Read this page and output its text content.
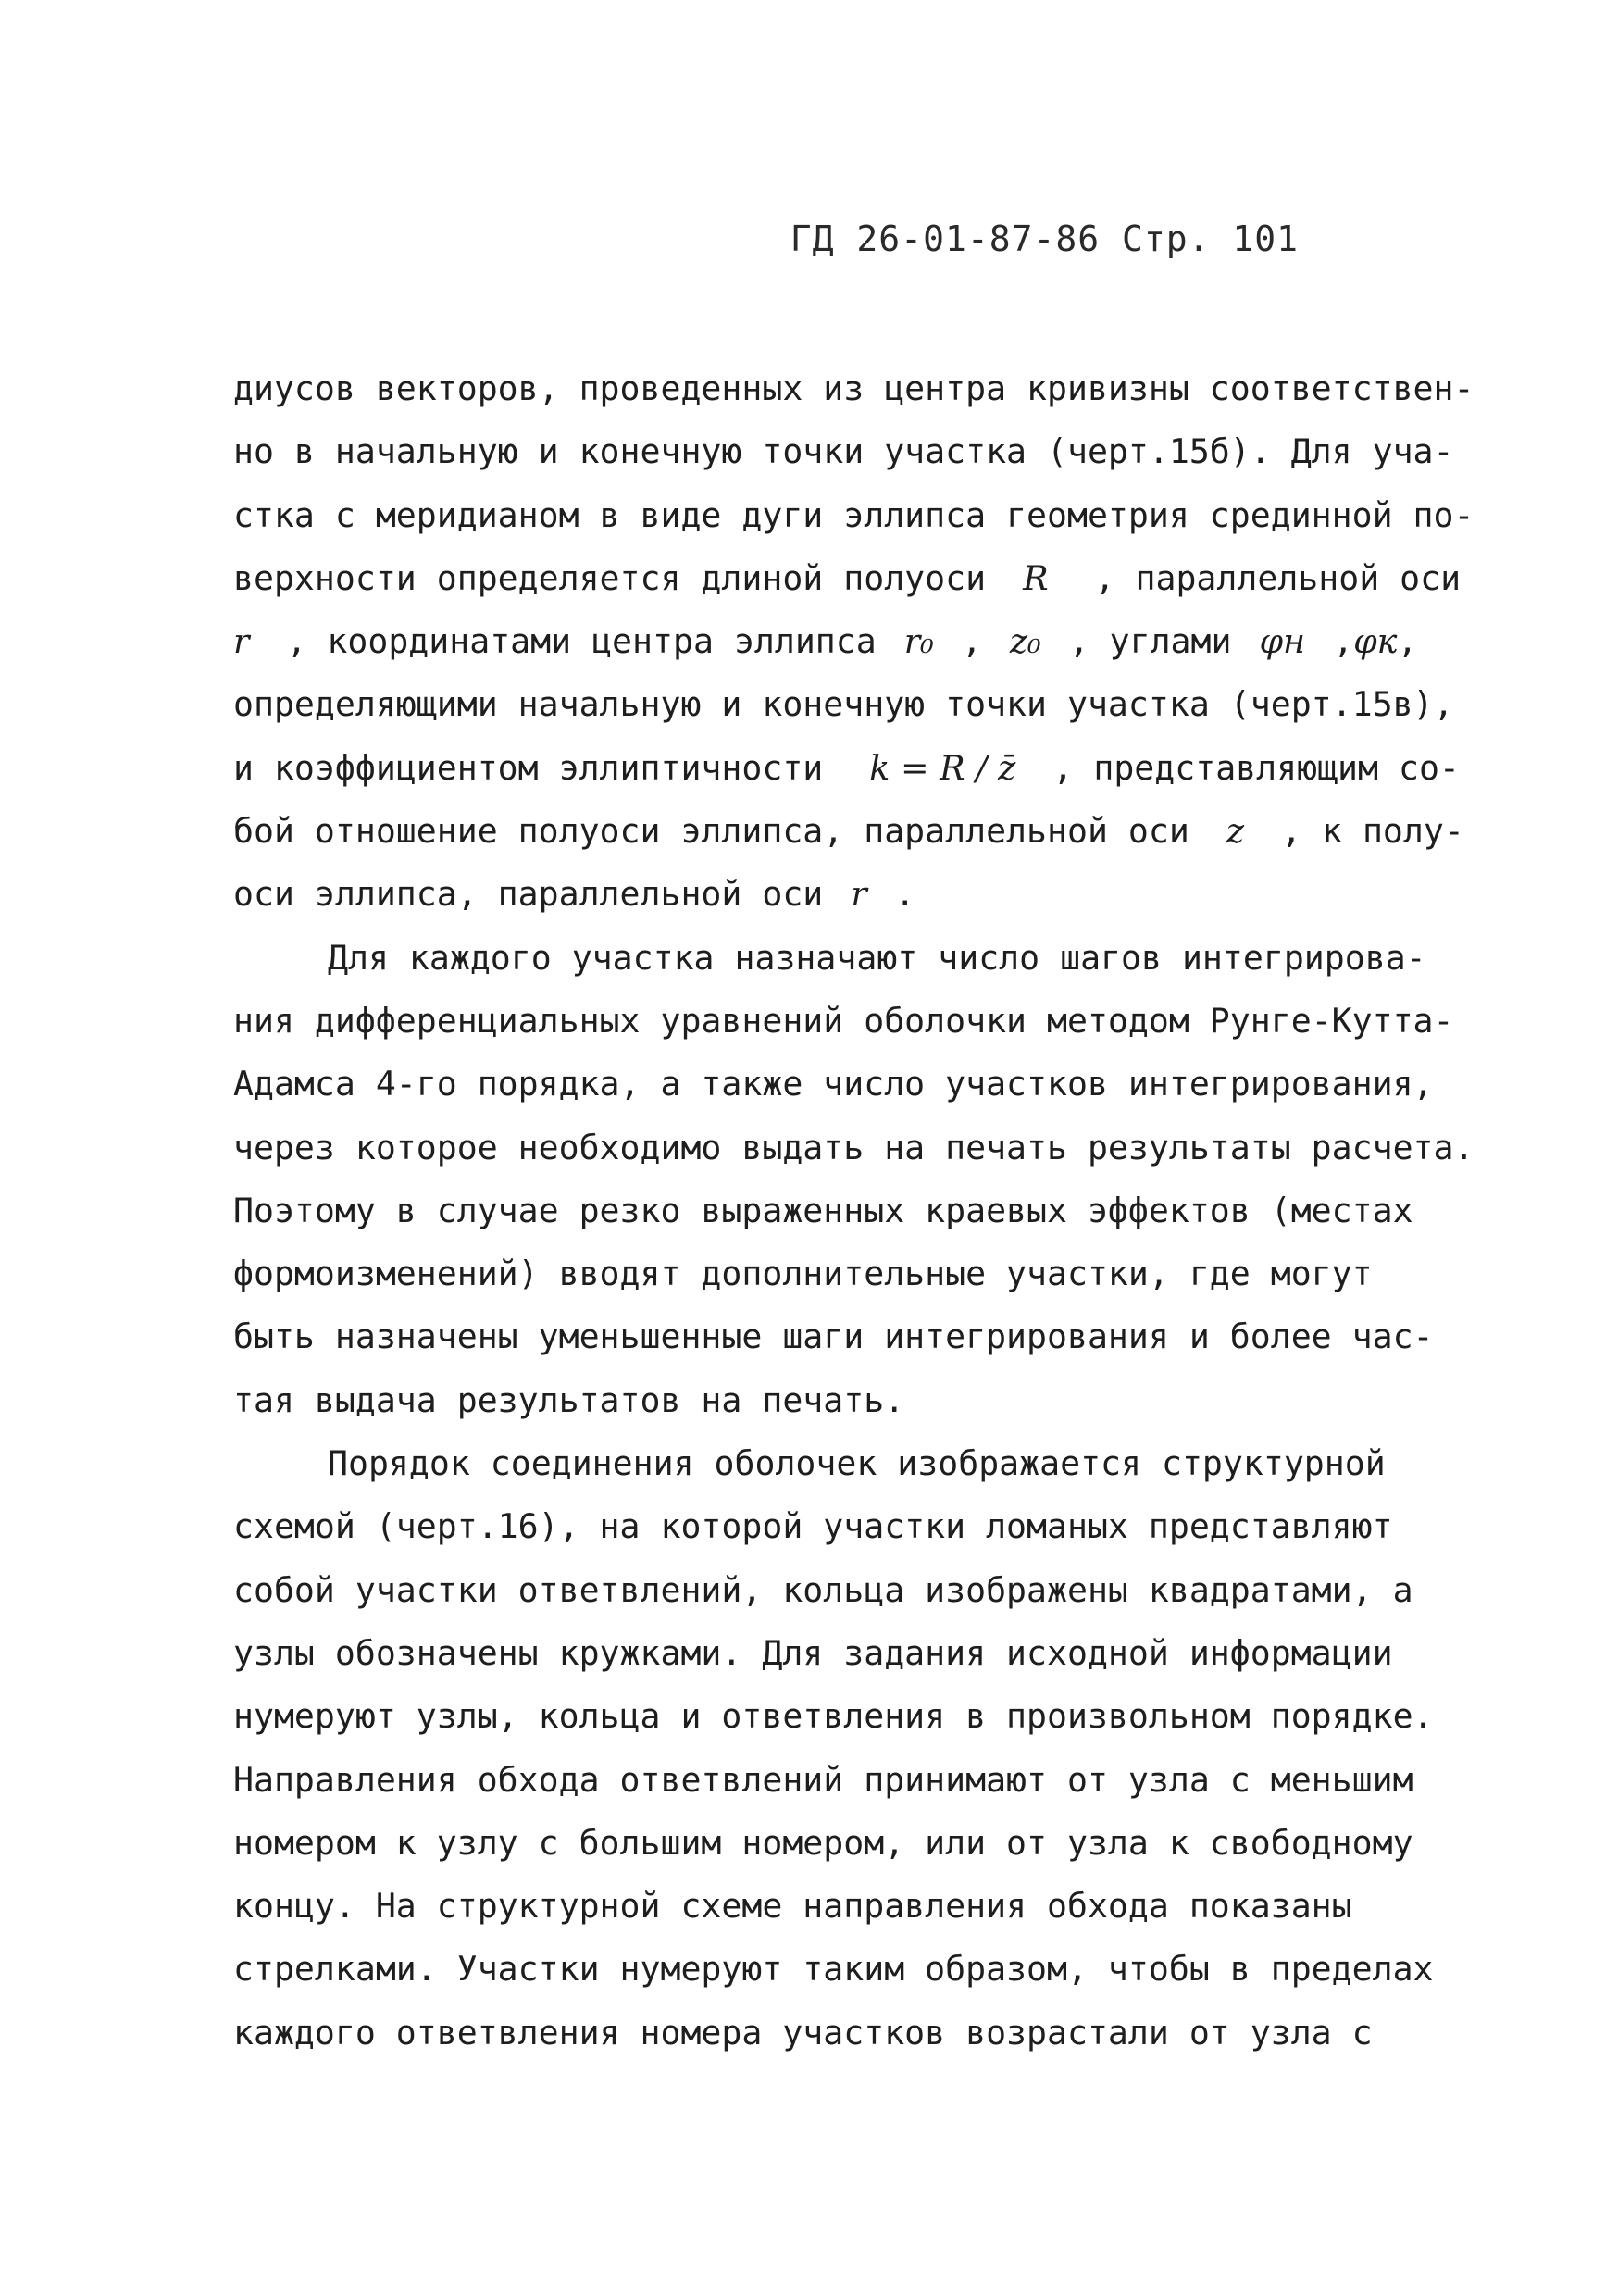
ГД 26-01-87-86 Стр. 101
диусов векторов, проведенных из центра кривизны соответствен-
но в начальную и конечную точки участка (черт.15б). Для уча-
стка с меридианом в виде дуги эллипса геометрия срединной по-
верхности определяется длиной полуоси R , параллельной оси
r , координатами центра эллипса r₀ , z₀ , углами φн ,φк,
определяющими начальную и конечную точки участка (черт.15в),
и коэффициентом эллиптичности k = R / z̄ , представляющим со-
бой отношение полуоси эллипса, параллельной оси z , к полу-
оси эллипса, параллельной оси r .
Для каждого участка назначают число шагов интегрирова-
ния дифференциальных уравнений оболочки методом Рунге-Кутта-
Адамса 4-го порядка, а также число участков интегрирования,
через которое необходимо выдать на печать результаты расчета.
Поэтому в случае резко выраженных краевых эффектов (местах
формоизменений) вводят дополнительные участки, где могут
быть назначены уменьшенные шаги интегрирования и более час-
тая выдача результатов на печать.
Порядок соединения оболочек изображается структурной
схемой (черт.16), на которой участки ломаных представляют
собой участки ответвлений, кольца изображены квадратами, а
узлы обозначены кружками. Для задания исходной информации
нумеруют узлы, кольца и ответвления в произвольном порядке.
Направления обхода ответвлений принимают от узла с меньшим
номером к узлу с большим номером, или от узла к свободному
концу. На структурной схеме направления обхода показаны
стрелками. Участки нумеруют таким образом, чтобы в пределах
каждого ответвления номера участков возрастали от узла с
